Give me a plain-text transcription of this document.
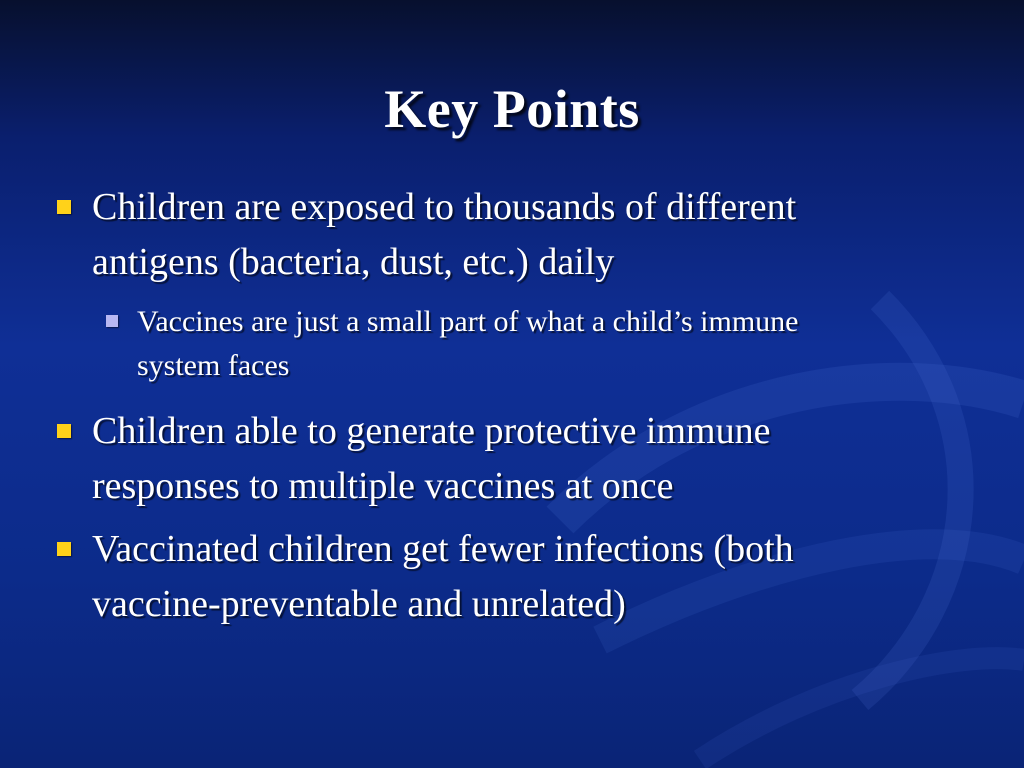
Key Points
Children are exposed to thousands of different
antigens (bacteria, dust, etc.) daily
Vaccines are just a small part of what a child’s immune
system faces
Children able to generate protective immune
responses to multiple vaccines at once
Vaccinated children get fewer infections (both
vaccine-preventable and unrelated)
